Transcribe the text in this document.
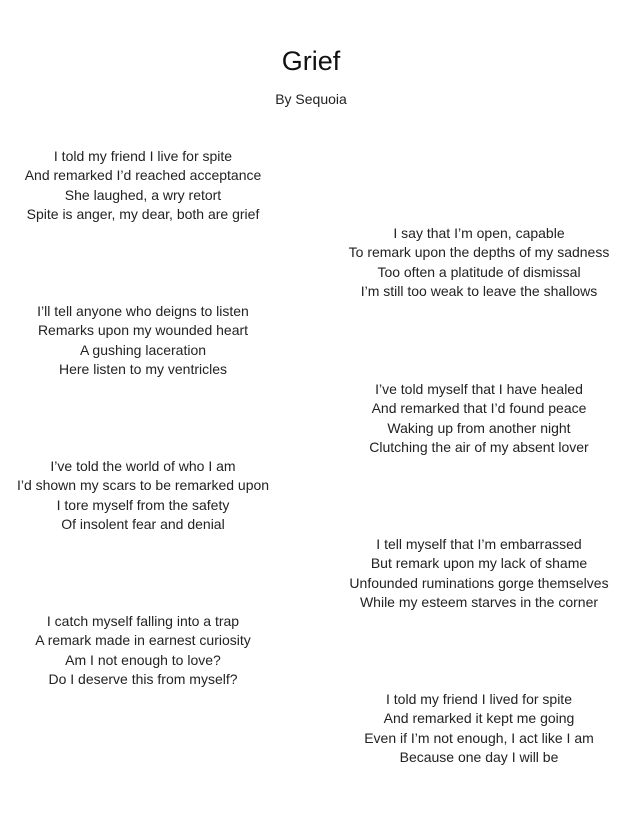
Grief
By Sequoia
I told my friend I live for spite
And remarked I’d reached acceptance
She laughed, a wry retort
Spite is anger, my dear, both are grief
I say that I’m open, capable
To remark upon the depths of my sadness
Too often a platitude of dismissal
I’m still too weak to leave the shallows
I’ll tell anyone who deigns to listen
Remarks upon my wounded heart
A gushing laceration
Here listen to my ventricles
I’ve told myself that I have healed
And remarked that I’d found peace
Waking up from another night
Clutching the air of my absent lover
I’ve told the world of who I am
I’d shown my scars to be remarked upon
I tore myself from the safety
Of insolent fear and denial
I tell myself that I’m embarrassed
But remark upon my lack of shame
Unfounded ruminations gorge themselves
While my esteem starves in the corner
I catch myself falling into a trap
A remark made in earnest curiosity
Am I not enough to love?
Do I deserve this from myself?
I told my friend I lived for spite
And remarked it kept me going
Even if I’m not enough, I act like I am
Because one day I will be
